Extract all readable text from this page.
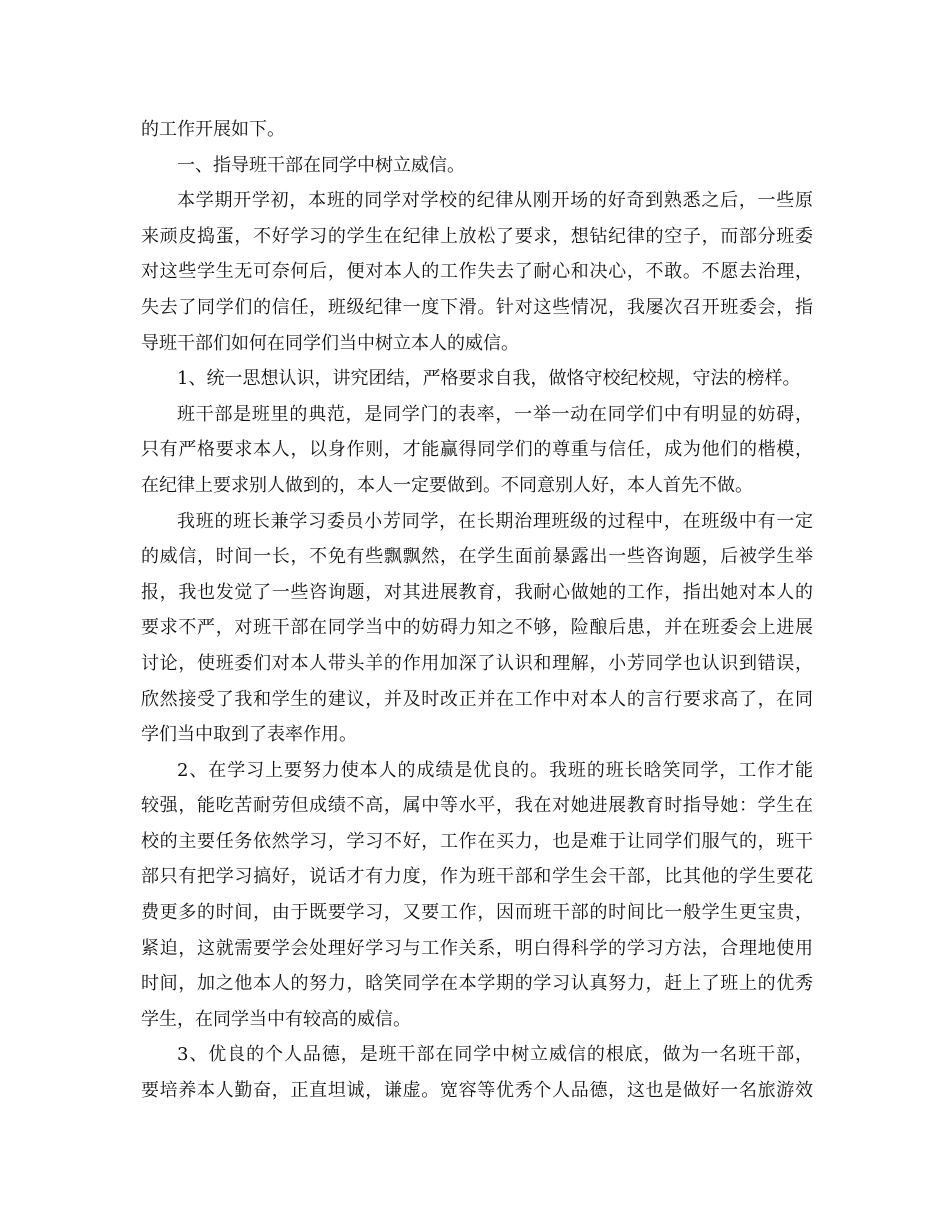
的工作开展如下。
一、指导班干部在同学中树立威信。
本学期开学初，本班的同学对学校的纪律从刚开场的好奇到熟悉之后，一些原
来顽皮捣蛋，不好学习的学生在纪律上放松了要求，想钻纪律的空子，而部分班委
对这些学生无可奈何后，便对本人的工作失去了耐心和决心，不敢。不愿去治理，
失去了同学们的信任，班级纪律一度下滑。针对这些情况，我屡次召开班委会，指
导班干部们如何在同学们当中树立本人的威信。
1、统一思想认识，讲究团结，严格要求自我，做恪守校纪校规，守法的榜样。
班干部是班里的典范，是同学门的表率，一举一动在同学们中有明显的妨碍，
只有严格要求本人，以身作则，才能赢得同学们的尊重与信任，成为他们的楷模，
在纪律上要求别人做到的，本人一定要做到。不同意别人好，本人首先不做。
我班的班长兼学习委员小芳同学，在长期治理班级的过程中，在班级中有一定
的威信，时间一长，不免有些飘飘然，在学生面前暴露出一些咨询题，后被学生举
报，我也发觉了一些咨询题，对其进展教育，我耐心做她的工作，指出她对本人的
要求不严，对班干部在同学当中的妨碍力知之不够，险酿后患，并在班委会上进展
讨论，使班委们对本人带头羊的作用加深了认识和理解，小芳同学也认识到错误，
欣然接受了我和学生的建议，并及时改正并在工作中对本人的言行要求高了，在同
学们当中取到了表率作用。
2、在学习上要努力使本人的成绩是优良的。我班的班长晗笑同学，工作才能
较强，能吃苦耐劳但成绩不高，属中等水平，我在对她进展教育时指导她：学生在
校的主要任务依然学习，学习不好，工作在买力，也是难于让同学们服气的，班干
部只有把学习搞好，说话才有力度，作为班干部和学生会干部，比其他的学生要花
费更多的时间，由于既要学习，又要工作，因而班干部的时间比一般学生更宝贵，
紧迫，这就需要学会处理好学习与工作关系，明白得科学的学习方法，合理地使用
时间，加之他本人的努力，晗笑同学在本学期的学习认真努力，赶上了班上的优秀
学生，在同学当中有较高的威信。
3、优良的个人品德，是班干部在同学中树立威信的根底，做为一名班干部，
要培养本人勤奋，正直坦诚，谦虚。宽容等优秀个人品德，这也是做好一名旅游效
